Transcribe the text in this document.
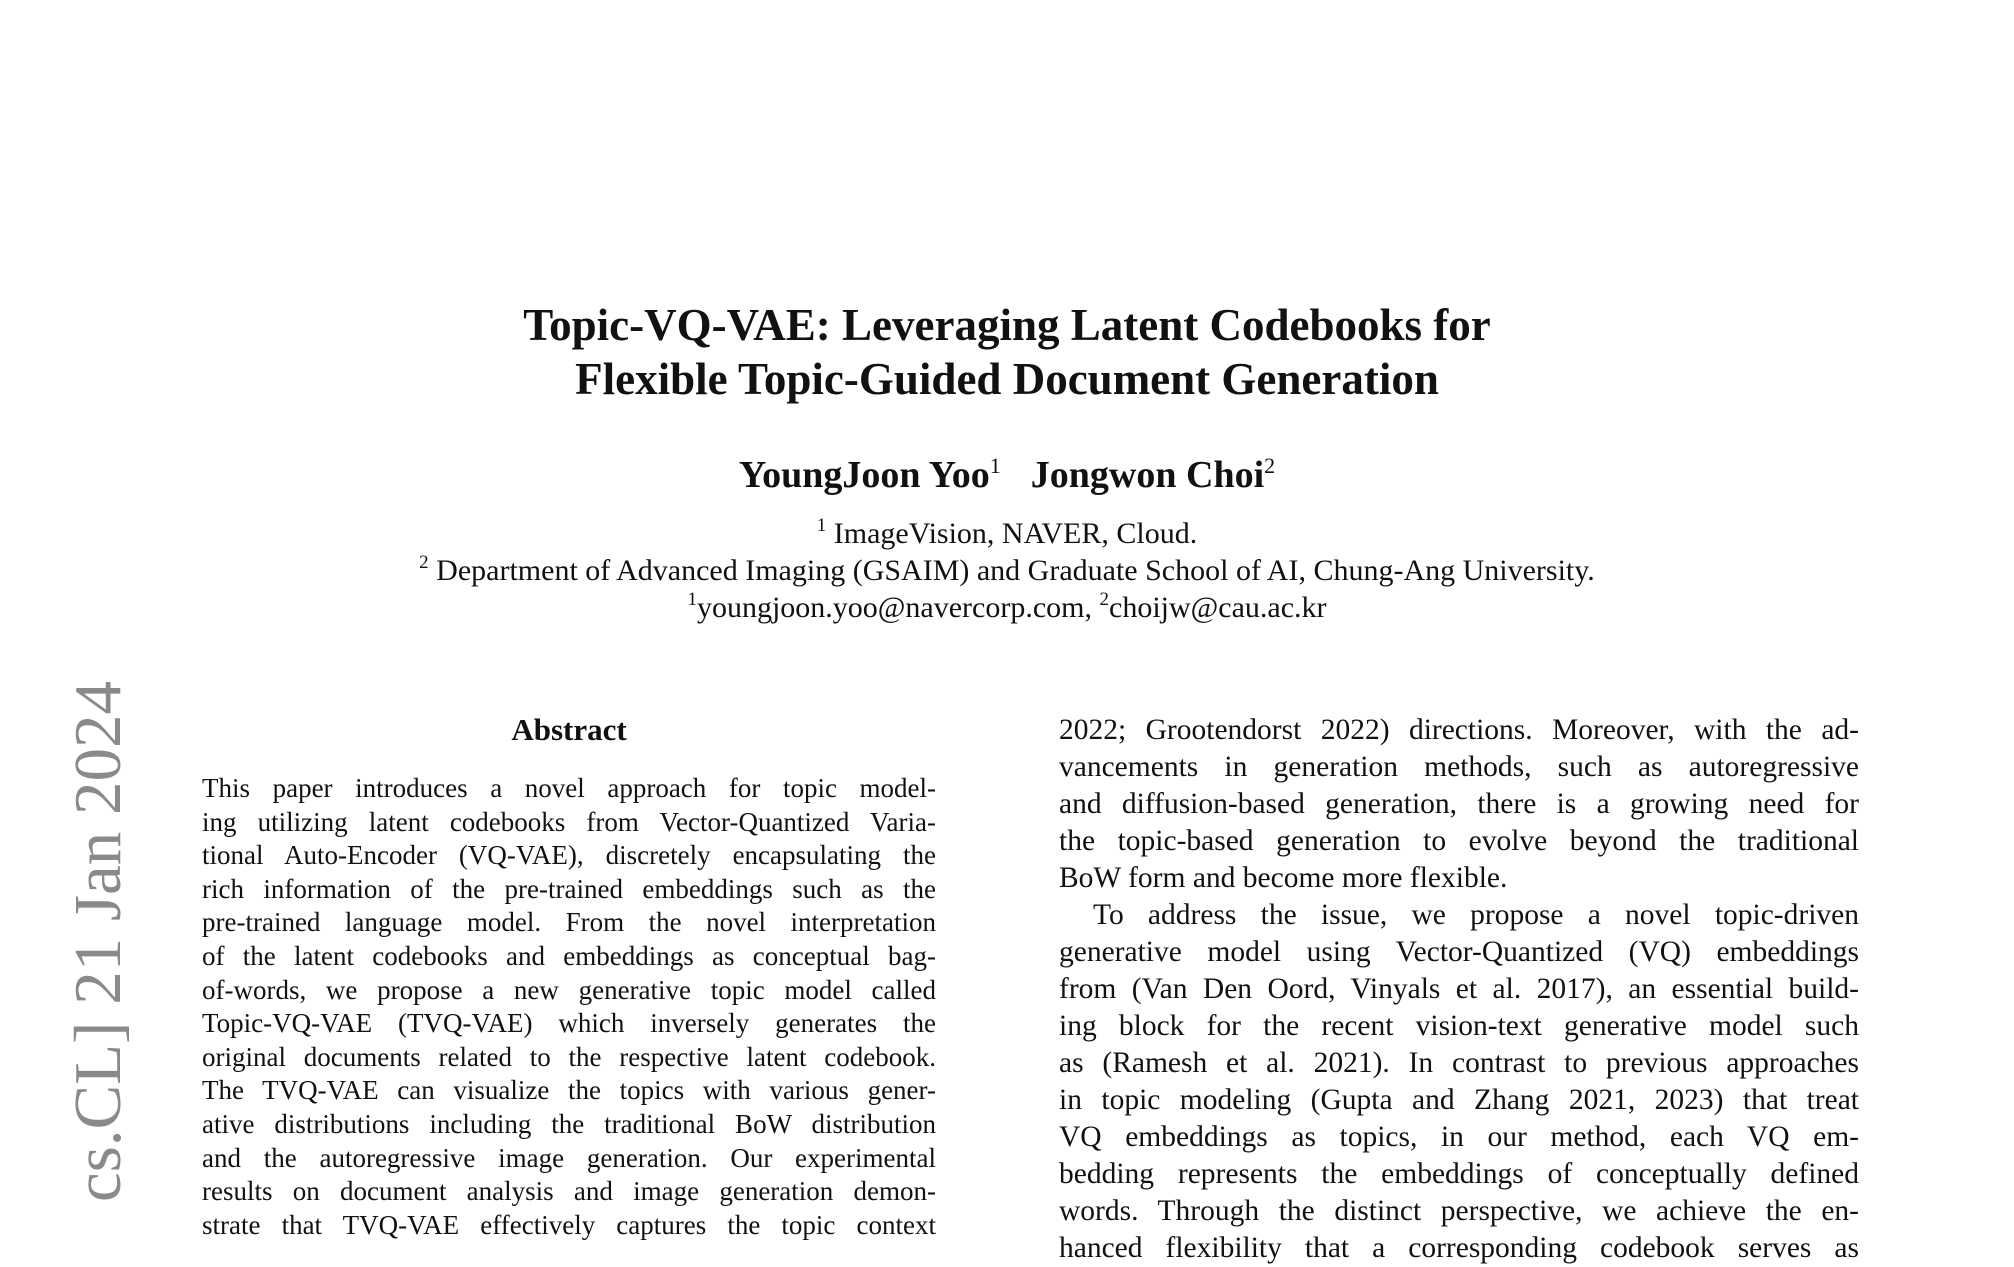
cs.CL] 21 Jan 2024
Topic-VQ-VAE: Leveraging Latent Codebooks for
Flexible Topic-Guided Document Generation
YoungJoon Yoo$^1$ Jongwon Choi$^2$
$^1$ ImageVision, NAVER, Cloud.
$^2$ Department of Advanced Imaging (GSAIM) and Graduate School of AI, Chung-Ang University.
$^1$youngjoon.yoo@navercorp.com, $^2$choijw@cau.ac.kr
Abstract
This paper introduces a novel approach for topic model-
ing utilizing latent codebooks from Vector-Quantized Varia-
tional Auto-Encoder (VQ-VAE), discretely encapsulating the
rich information of the pre-trained embeddings such as the
pre-trained language model. From the novel interpretation
of the latent codebooks and embeddings as conceptual bag-
of-words, we propose a new generative topic model called
Topic-VQ-VAE (TVQ-VAE) which inversely generates the
original documents related to the respective latent codebook.
The TVQ-VAE can visualize the topics with various gener-
ative distributions including the traditional BoW distribution
and the autoregressive image generation. Our experimental
results on document analysis and image generation demon-
strate that TVQ-VAE effectively captures the topic context
2022; Grootendorst 2022) directions. Moreover, with the ad-
vancements in generation methods, such as autoregressive
and diffusion-based generation, there is a growing need for
the topic-based generation to evolve beyond the traditional
BoW form and become more flexible.
To address the issue, we propose a novel topic-driven
generative model using Vector-Quantized (VQ) embeddings
from (Van Den Oord, Vinyals et al. 2017), an essential build-
ing block for the recent vision-text generative model such
as (Ramesh et al. 2021). In contrast to previous approaches
in topic modeling (Gupta and Zhang 2021, 2023) that treat
VQ embeddings as topics, in our method, each VQ em-
bedding represents the embeddings of conceptually defined
words. Through the distinct perspective, we achieve the en-
hanced flexibility that a corresponding codebook serves as
